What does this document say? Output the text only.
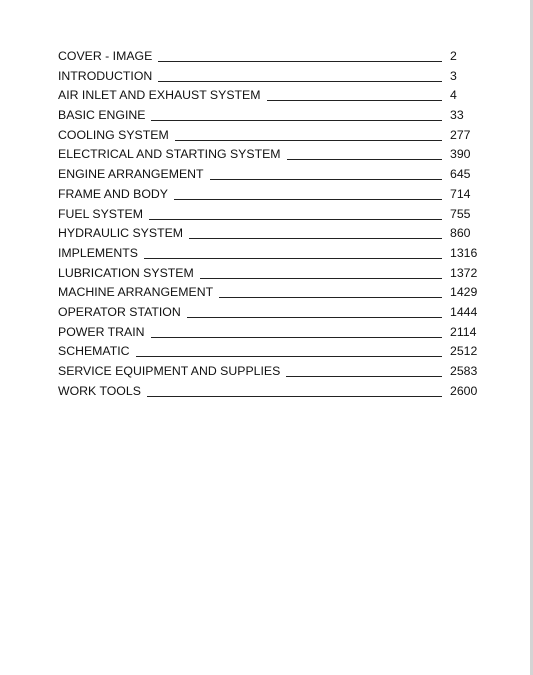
COVER - IMAGE	2
INTRODUCTION	3
AIR INLET AND EXHAUST SYSTEM	4
BASIC ENGINE	33
COOLING SYSTEM	277
ELECTRICAL AND STARTING SYSTEM	390
ENGINE ARRANGEMENT	645
FRAME AND BODY	714
FUEL SYSTEM	755
HYDRAULIC SYSTEM	860
IMPLEMENTS	1316
LUBRICATION SYSTEM	1372
MACHINE ARRANGEMENT	1429
OPERATOR STATION	1444
POWER TRAIN	2114
SCHEMATIC	2512
SERVICE EQUIPMENT AND SUPPLIES	2583
WORK TOOLS	2600
